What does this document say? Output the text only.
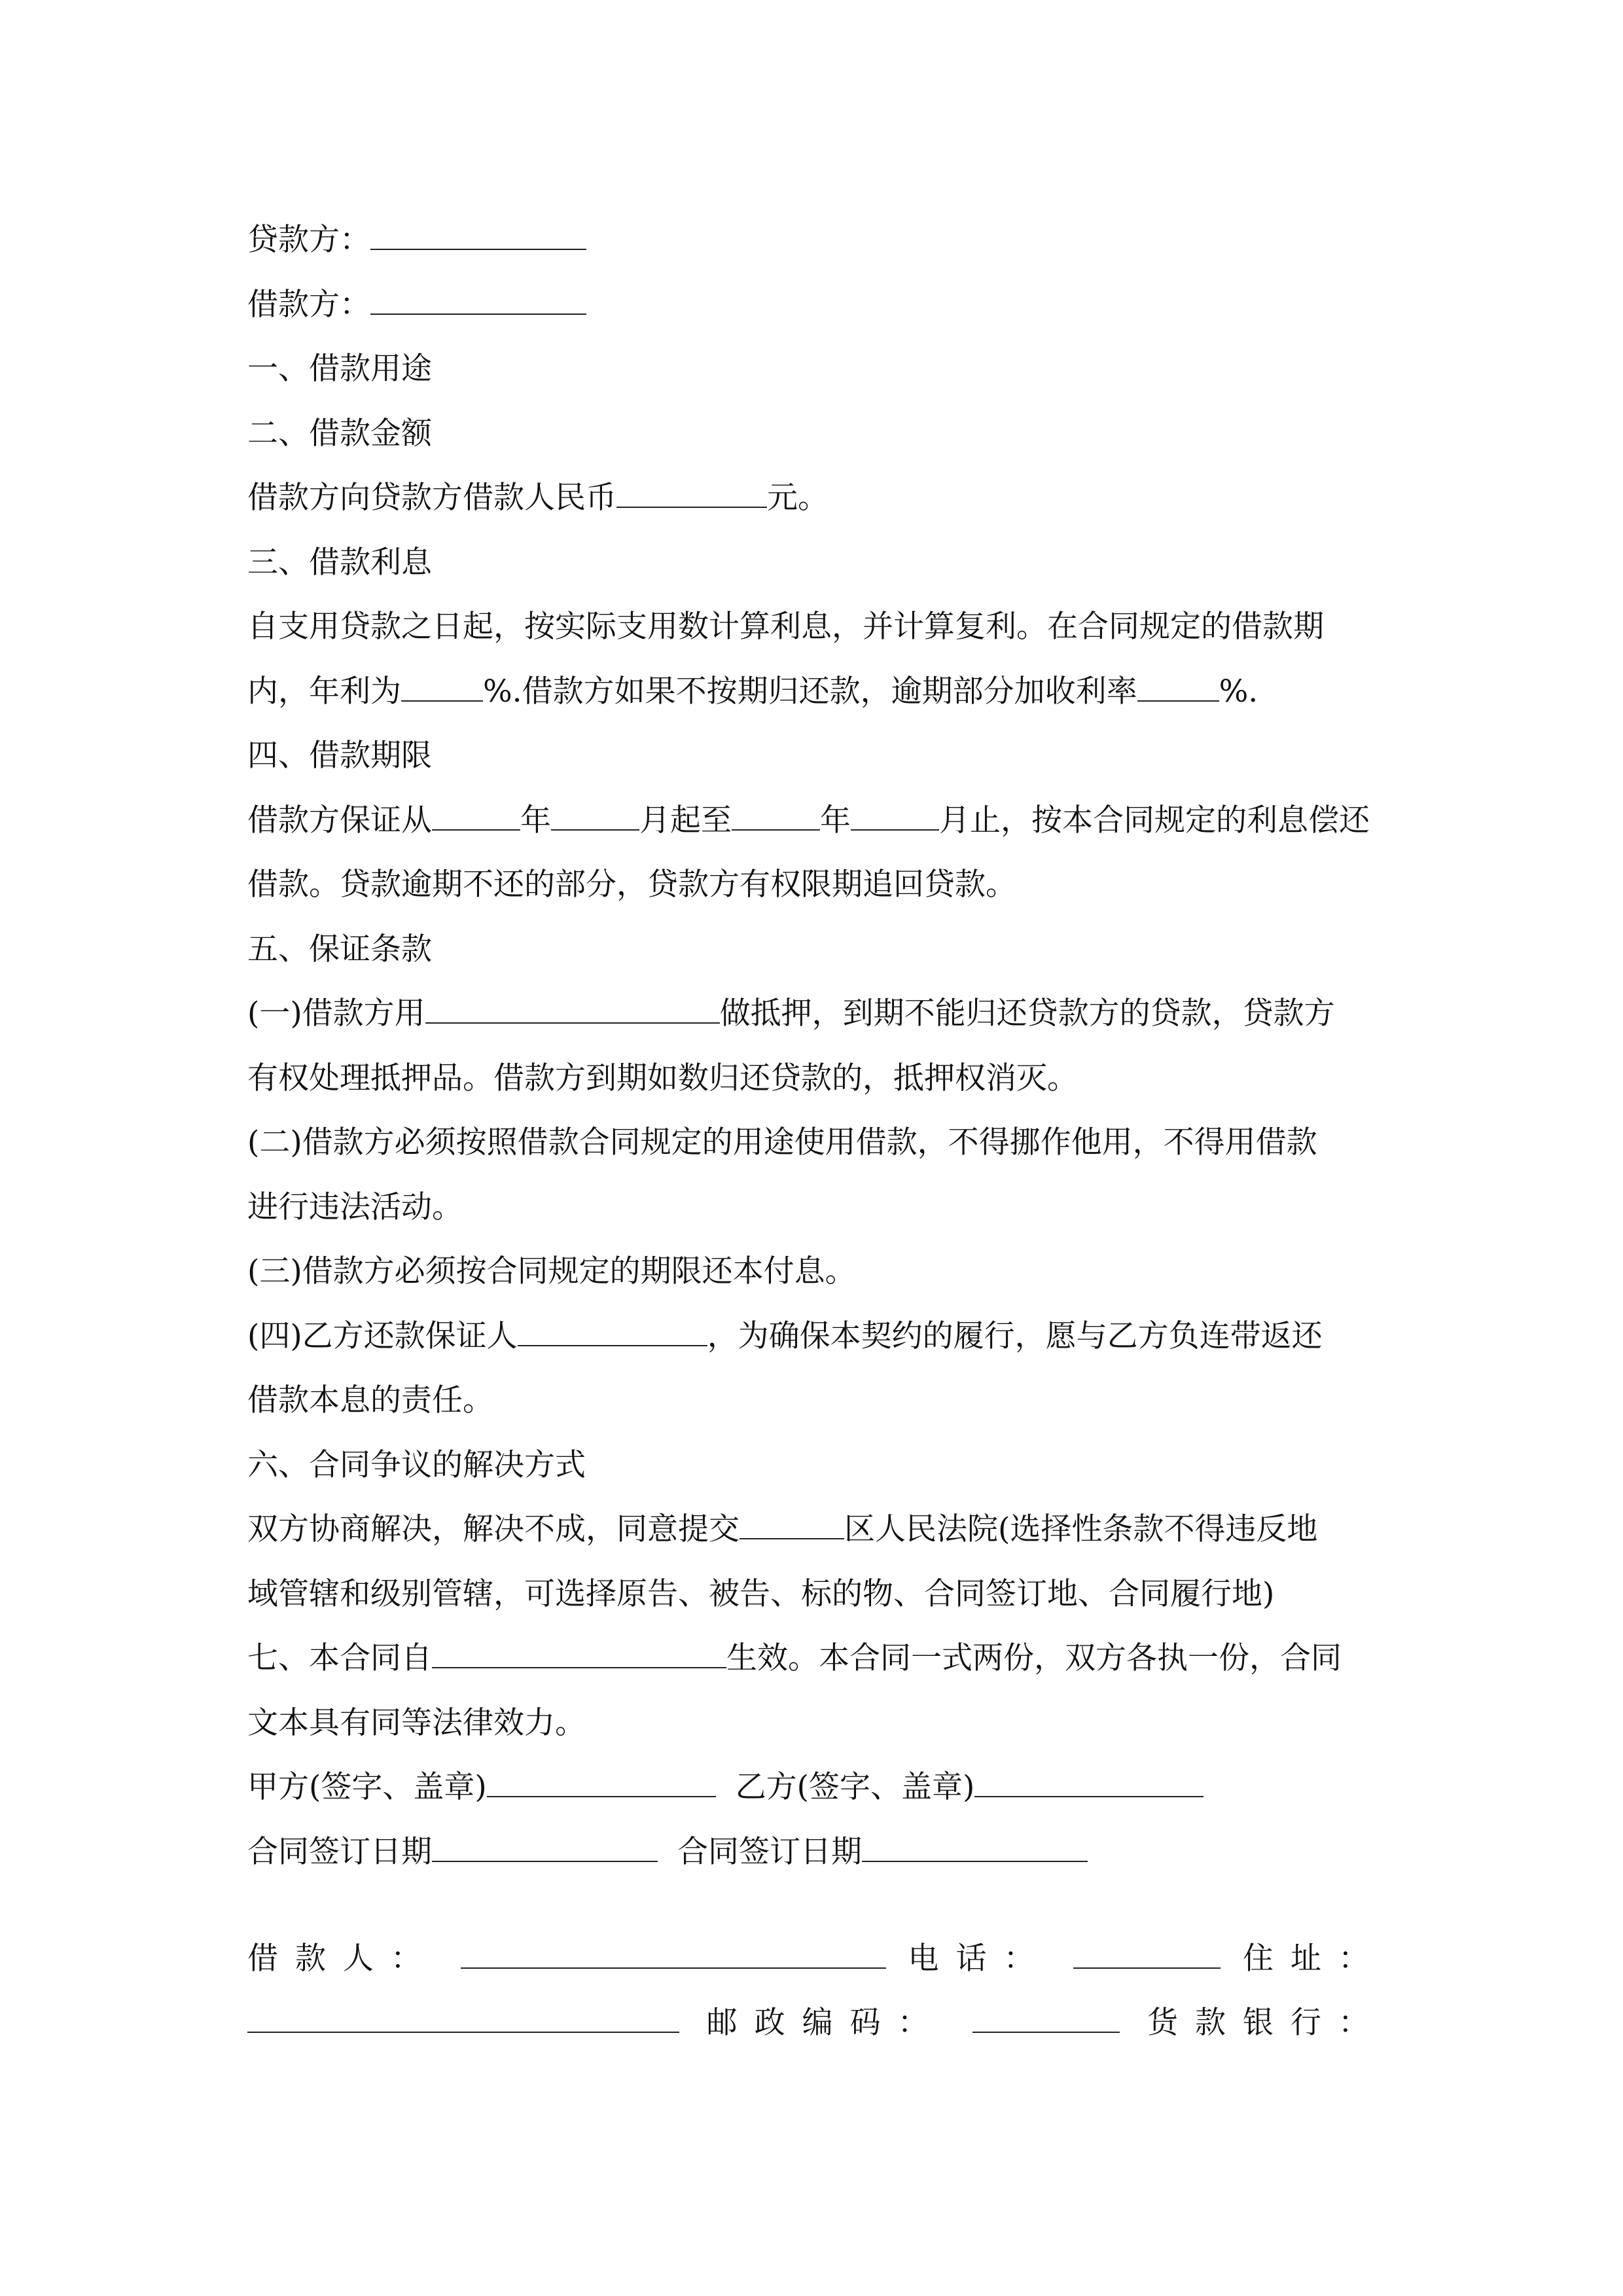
贷款方：
借款方：
一、借款用途
二、借款金额
借款方向贷款方借款人民币	元。
三、借款利息
自支用贷款之日起，按实际支用数计算利息，并计算复利。在合同规定的借款期
内，年利为	%.借款方如果不按期归还款，逾期部分加收利率	%.
四、借款期限
借款方保证从	年	月起至	年	月止，按本合同规定的利息偿还
借款。贷款逾期不还的部分，贷款方有权限期追回贷款。
五、保证条款
(一)借款方用	做抵押，到期不能归还贷款方的贷款，贷款方
有权处理抵押品。借款方到期如数归还贷款的，抵押权消灭。
(二)借款方必须按照借款合同规定的用途使用借款，不得挪作他用，不得用借款
进行违法活动。
(三)借款方必须按合同规定的期限还本付息。
(四)乙方还款保证人	，为确保本契约的履行，愿与乙方负连带返还
借款本息的责任。
六、合同争议的解决方式
双方协商解决，解决不成，同意提交	区人民法院(选择性条款不得违反地
域管辖和级别管辖，可选择原告、被告、标的物、合同签订地、合同履行地)
七、本合同自	生效。本合同一式两份，双方各执一份，合同
文本具有同等法律效力。
甲方(签字、盖章)	乙方(签字、盖章)
合同签订日期	合同签订日期
借款人：	电话：	住址：
邮政编码：	货款银行：
